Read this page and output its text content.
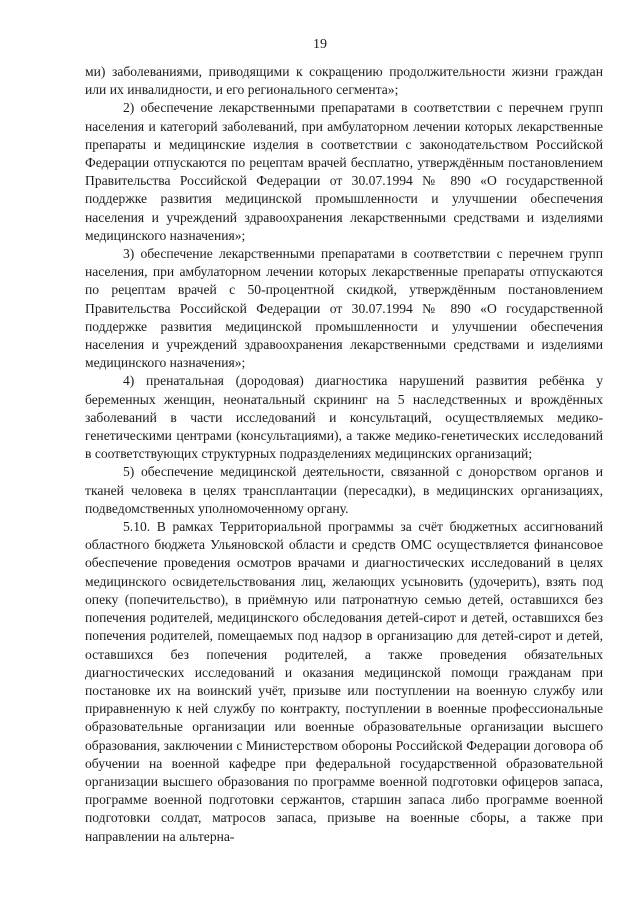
19

ми) заболеваниями, приводящими к сокращению продолжительности жизни граждан или их инвалидности, и его регионального сегмента»;

2) обеспечение лекарственными препаратами в соответствии с перечнем групп населения и категорий заболеваний, при амбулаторном лечении которых лекарственные препараты и медицинские изделия в соответствии с законодательством Российской Федерации отпускаются по рецептам врачей бесплатно, утверждённым постановлением Правительства Российской Федерации от 30.07.1994 № 890 «О государственной поддержке развития медицинской промышленности и улучшении обеспечения населения и учреждений здравоохранения лекарственными средствами и изделиями медицинского назначения»;

3) обеспечение лекарственными препаратами в соответствии с перечнем групп населения, при амбулаторном лечении которых лекарственные препараты отпускаются по рецептам врачей с 50-процентной скидкой, утверждённым постановлением Правительства Российской Федерации от 30.07.1994 № 890 «О государственной поддержке развития медицинской промышленности и улучшении обеспечения населения и учреждений здравоохранения лекарственными средствами и изделиями медицинского назначения»;

4) пренатальная (дородовая) диагностика нарушений развития ребёнка у беременных женщин, неонатальный скрининг на 5 наследственных и врождённых заболеваний в части исследований и консультаций, осуществляемых медико-генетическими центрами (консультациями), а также медико-генетических исследований в соответствующих структурных подразделениях медицинских организаций;

5) обеспечение медицинской деятельности, связанной с донорством органов и тканей человека в целях трансплантации (пересадки), в медицинских организациях, подведомственных уполномоченному органу.

5.10. В рамках Территориальной программы за счёт бюджетных ассигнований областного бюджета Ульяновской области и средств ОМС осуществляется финансовое обеспечение проведения осмотров врачами и диагностических исследований в целях медицинского освидетельствования лиц, желающих усыновить (удочерить), взять под опеку (попечительство), в приёмную или патронатную семью детей, оставшихся без попечения родителей, медицинского обследования детей-сирот и детей, оставшихся без попечения родителей, помещаемых под надзор в организацию для детей-сирот и детей, оставшихся без попечения родителей, а также проведения обязательных диагностических исследований и оказания медицинской помощи гражданам при постановке их на воинский учёт, призыве или поступлении на военную службу или приравненную к ней службу по контракту, поступлении в военные профессиональные образовательные организации или военные образовательные организации высшего образования, заключении с Министерством обороны Российской Федерации договора об обучении на военной кафедре при федеральной государственной образовательной организации высшего образования по программе военной подготовки офицеров запаса, программе военной подготовки сержантов, старшин запаса либо программе военной подготовки солдат, матросов запаса, призыве на военные сборы, а также при направлении на альтерна-
